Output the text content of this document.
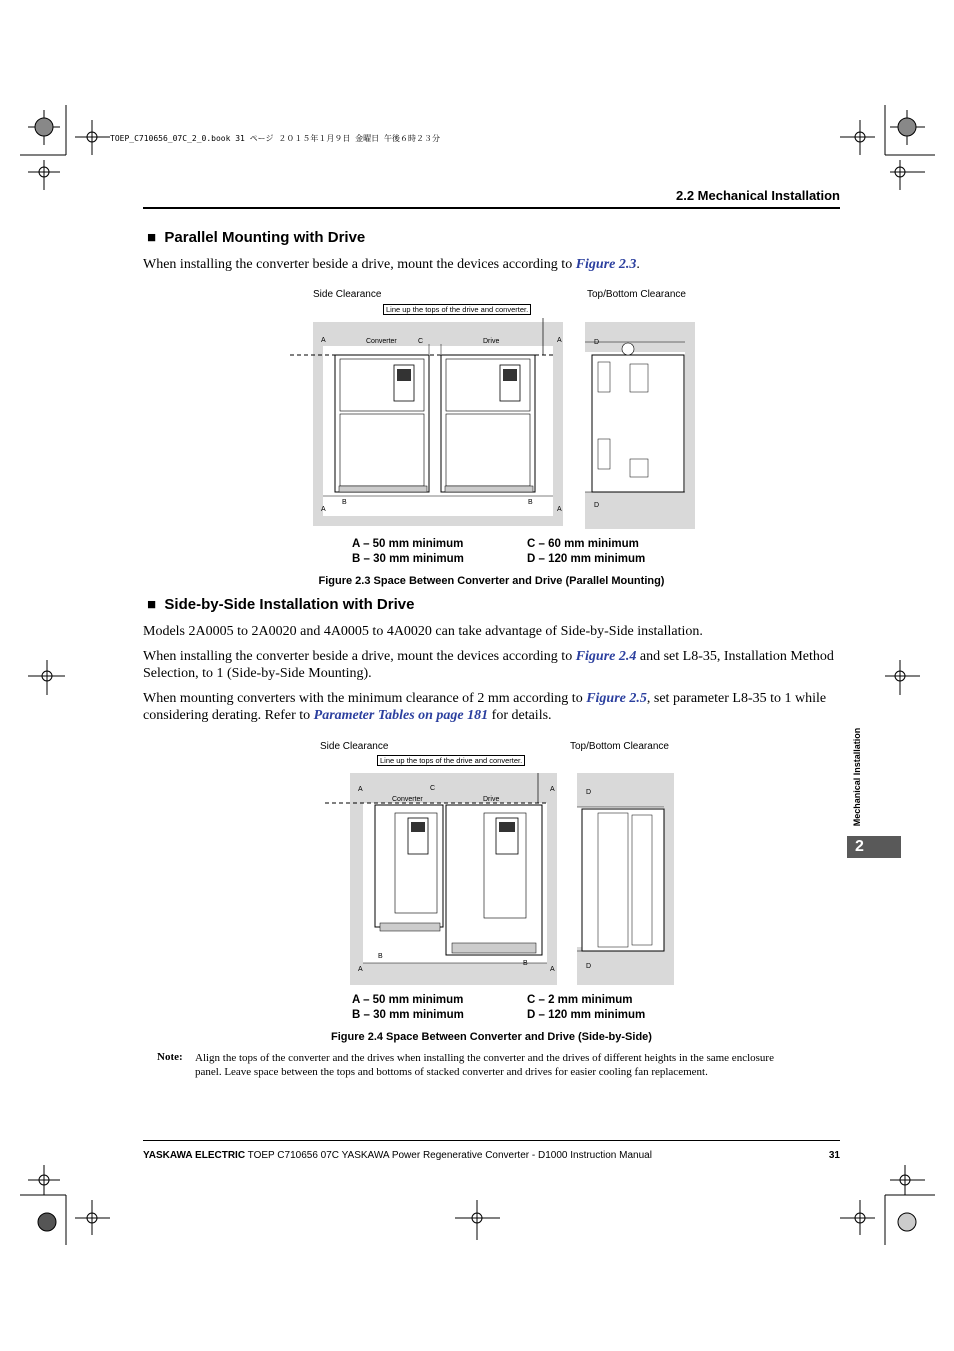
TOEP_C710656_07C_2_0.book 31 ページ ２０１５年１月９日 金曜日 午後６時２３分
2.2 Mechanical Installation
Mechanical Installation
2
■  Parallel Mounting with Drive
When installing the converter beside a drive, mount the devices according to Figure 2.3.
Side Clearance	Top/Bottom Clearance
Line up the tops of the drive and converter.
A	A
A	A
B	B
C
Converter	Drive	D
D
A – 50 mm minimum	C – 60 mm minimum
B – 30 mm minimum	D – 120 mm minimum
Figure 2.3 Space Between Converter and Drive (Parallel Mounting)
■  Side-by-Side Installation with Drive
Models 2A0005 to 2A0020 and 4A0005 to 4A0020 can take advantage of Side-by-Side installation.
When installing the converter beside a drive, mount the devices according to Figure 2.4 and set L8-35, Installation Method Selection, to 1 (Side-by-Side Mounting).
When mounting converters with the minimum clearance of 2 mm according to Figure 2.5, set parameter L8-35 to 1 while considering derating. Refer to Parameter Tables on page 181 for details.
Side Clearance	Top/Bottom Clearance
Line up the tops of the drive and converter.
A	A
A	A
B
B
C
Converter	Drive
D
D
A – 50 mm minimum	C – 2 mm minimum
B – 30 mm minimum	D – 120 mm minimum
Figure 2.4 Space Between Converter and Drive (Side-by-Side)
Note: Align the tops of the converter and the drives when installing the converter and the drives of different heights in the same enclosure panel. Leave space between the tops and bottoms of stacked converter and drives for easier cooling fan replacement.
YASKAWA ELECTRIC TOEP C710656 07C YASKAWA Power Regenerative Converter - D1000 Instruction Manual	31
